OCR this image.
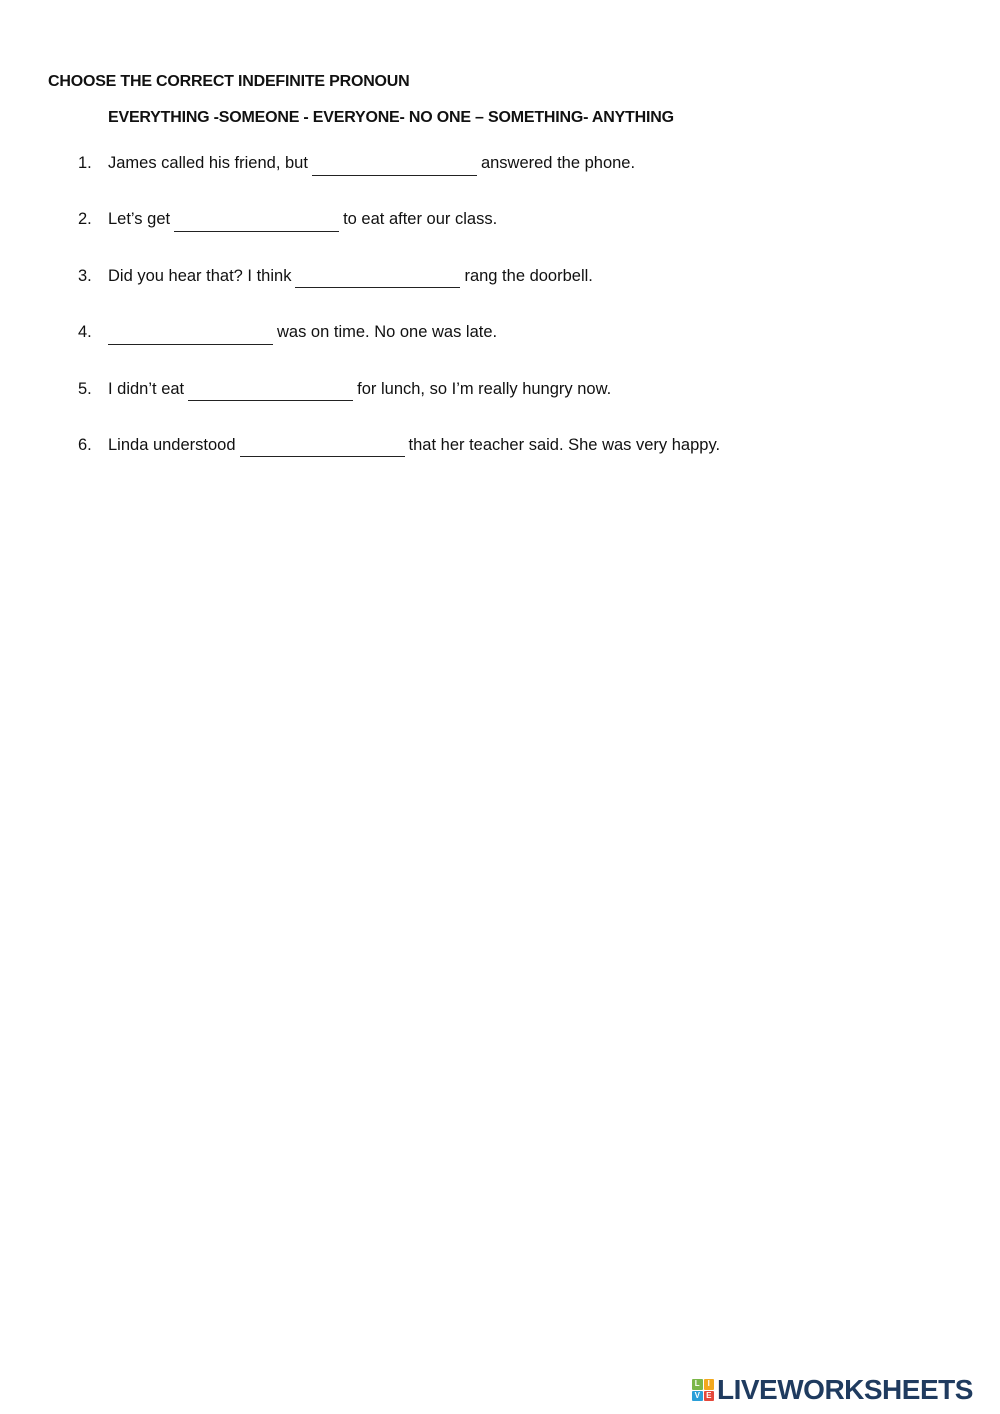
CHOOSE THE CORRECT INDEFINITE PRONOUN
EVERYTHING -SOMEONE - EVERYONE- NO ONE – SOMETHING- ANYTHING
1. James called his friend, but	answered the phone.
2. Let’s get	to eat after our class.
3. Did you hear that? I think	rang the doorbell.
4.	was on time. No one was late.
5. I didn’t eat	for lunch, so I’m really hungry now.
6. Linda understood	that her teacher said. She was very happy.
L I
V E LIVEWORKSHEETS
